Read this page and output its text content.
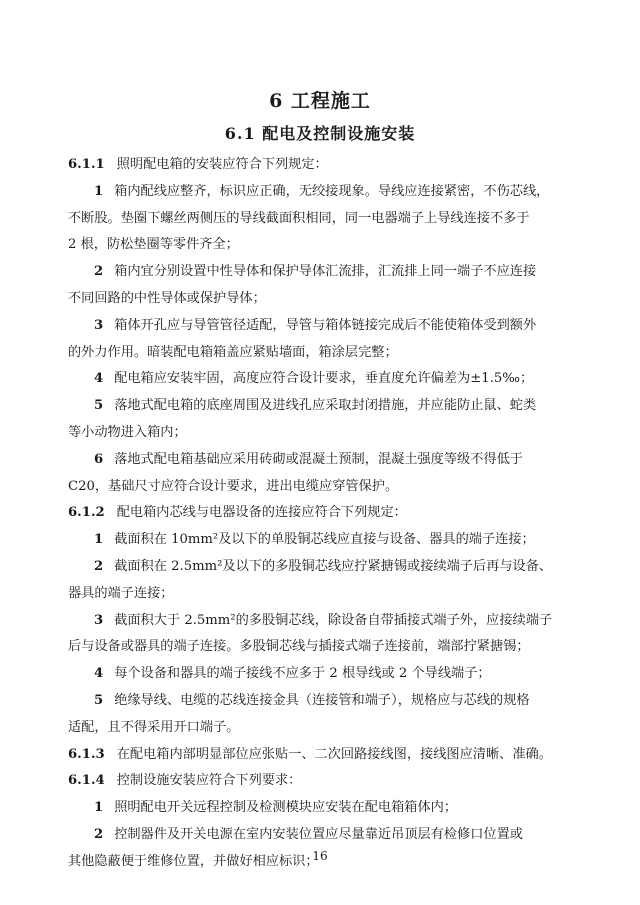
6 工程施工
6.1 配电及控制设施安装
6.1.1 照明配电箱的安装应符合下列规定：
1 箱内配线应整齐，标识应正确，无绞接现象。导线应连接紧密，不伤芯线，
不断股。垫圈下螺丝两侧压的导线截面积相同，同一电器端子上导线连接不多于
2 根，防松垫圈等零件齐全；
2 箱内宜分别设置中性导体和保护导体汇流排，汇流排上同一端子不应连接
不同回路的中性导体或保护导体；
3 箱体开孔应与导管管径适配，导管与箱体链接完成后不能使箱体受到额外
的外力作用。暗装配电箱箱盖应紧贴墙面，箱涂层完整；
4 配电箱应安装牢固，高度应符合设计要求，垂直度允许偏差为±1.5‰；
5 落地式配电箱的底座周围及进线孔应采取封闭措施，并应能防止鼠、蛇类
等小动物进入箱内；
6 落地式配电箱基础应采用砖砌或混凝土预制，混凝土强度等级不得低于
C20，基础尺寸应符合设计要求，进出电缆应穿管保护。
6.1.2 配电箱内芯线与电器设备的连接应符合下列规定：
1 截面积在 10mm²及以下的单股铜芯线应直接与设备、器具的端子连接；
2 截面积在 2.5mm²及以下的多股铜芯线应拧紧搪锡或接续端子后再与设备、
器具的端子连接；
3 截面积大于 2.5mm²的多股铜芯线，除设备自带插接式端子外，应接续端子
后与设备或器具的端子连接。多股铜芯线与插接式端子连接前，端部拧紧搪锡；
4 每个设备和器具的端子接线不应多于 2 根导线或 2 个导线端子；
5 绝缘导线、电缆的芯线连接金具（连接管和端子），规格应与芯线的规格
适配，且不得采用开口端子。
6.1.3 在配电箱内部明显部位应张贴一、二次回路接线图，接线图应清晰、准确。
6.1.4 控制设施安装应符合下列要求：
1 照明配电开关远程控制及检测模块应安装在配电箱箱体内；
2 控制器件及开关电源在室内安装位置应尽量靠近吊顶层有检修口位置或
其他隐蔽便于维修位置，并做好相应标识；
16
